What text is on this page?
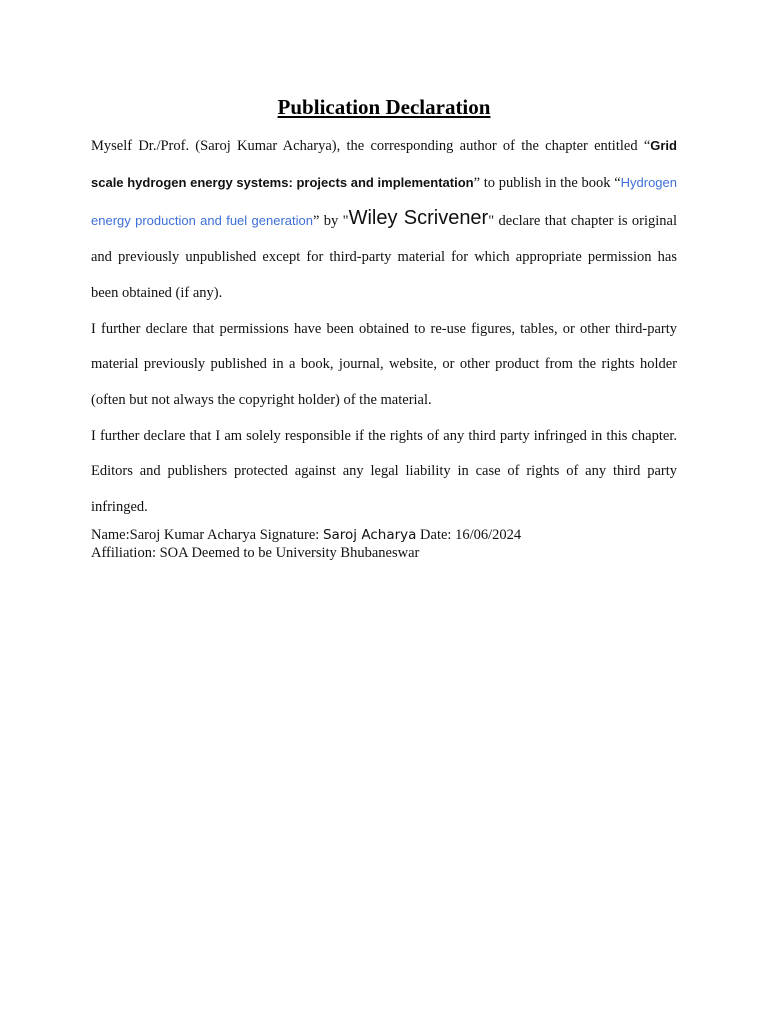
Publication Declaration

Myself Dr./Prof. (Saroj Kumar Acharya), the corresponding author of the chapter entitled “Grid scale hydrogen energy systems: projects and implementation” to publish in the book “Hydrogen energy production and fuel generation” by "Wiley Scrivener" declare that chapter is original and previously unpublished except for third-party material for which appropriate permission has been obtained (if any).

I further declare that permissions have been obtained to re-use figures, tables, or other third-party material previously published in a book, journal, website, or other product from the rights holder (often but not always the copyright holder) of the material.

I further declare that I am solely responsible if the rights of any third party infringed in this chapter. Editors and publishers protected against any legal liability in case of rights of any third party infringed.

Name:Saroj Kumar Acharya Signature: Saroj Acharya Date: 16/06/2024
Affiliation: SOA Deemed to be University Bhubaneswar
